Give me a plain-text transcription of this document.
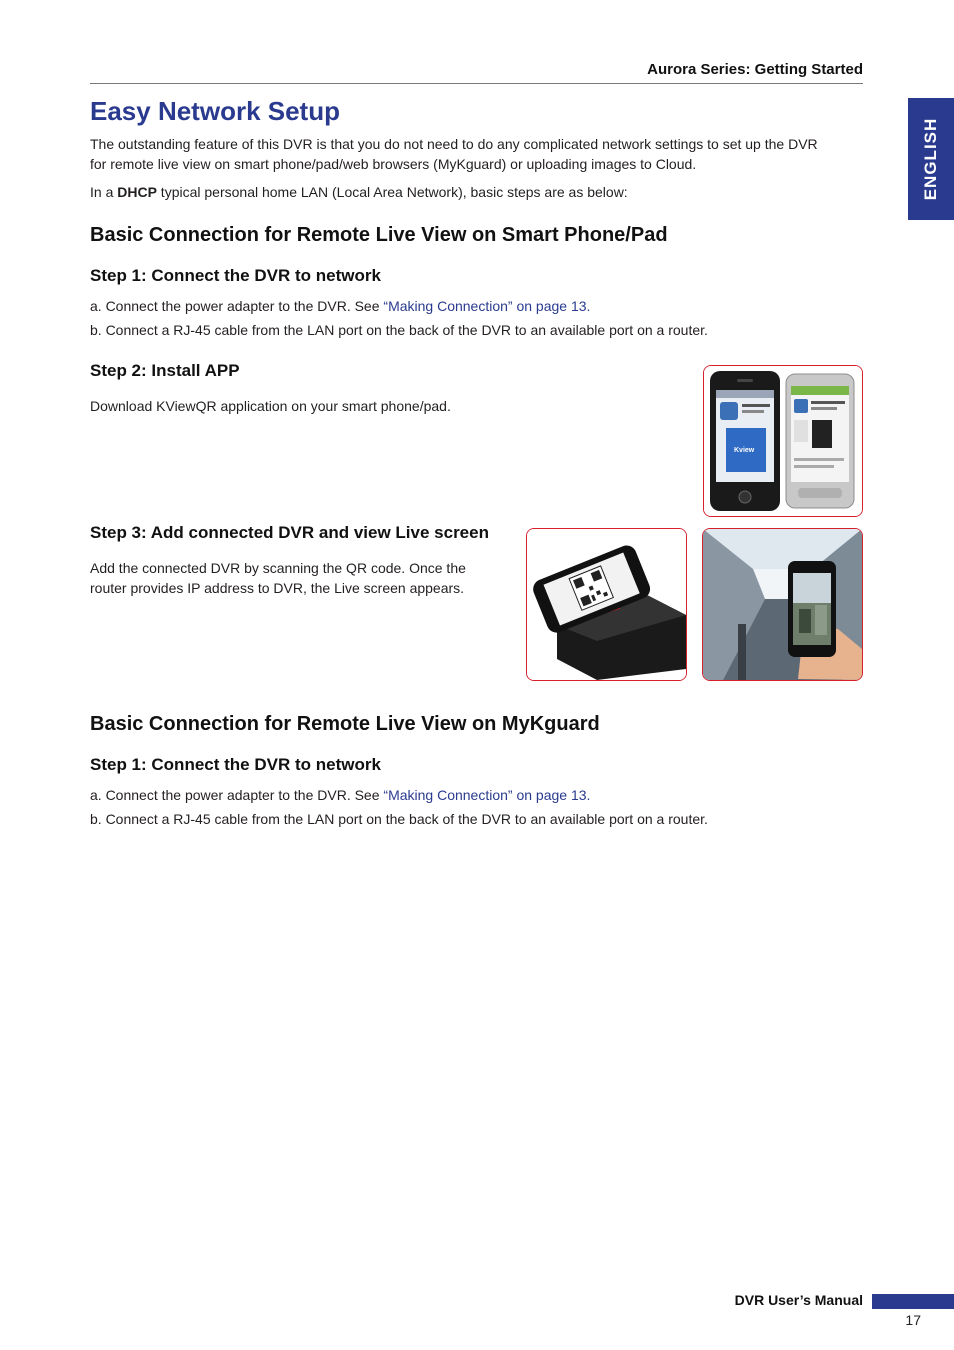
Aurora Series: Getting Started
ENGLISH
Easy Network Setup
The outstanding feature of this DVR is that you do not need to do any complicated network settings to set up the DVR
for remote live view on smart phone/pad/web browsers (MyKguard) or uploading images to Cloud.
In a DHCP typical personal home LAN (Local Area Network), basic steps are as below:
Basic Connection for Remote Live View on Smart Phone/Pad
Step 1: Connect the DVR to network
a. Connect the power adapter to the DVR. See “Making Connection” on page 13.
b. Connect a RJ-45 cable from the LAN port on the back of the DVR to an available port on a router.
Step 2: Install APP
Download KViewQR application on your smart phone/pad.
Kview
Step 3: Add connected DVR and view Live screen
Add the connected DVR by scanning the QR code. Once the
router provides IP address to DVR, the Live screen appears.
Basic Connection for Remote Live View on MyKguard
Step 1: Connect the DVR to network
a. Connect the power adapter to the DVR. See “Making Connection” on page 13.
b. Connect a RJ-45 cable from the LAN port on the back of the DVR to an available port on a router.
DVR User’s Manual
17
